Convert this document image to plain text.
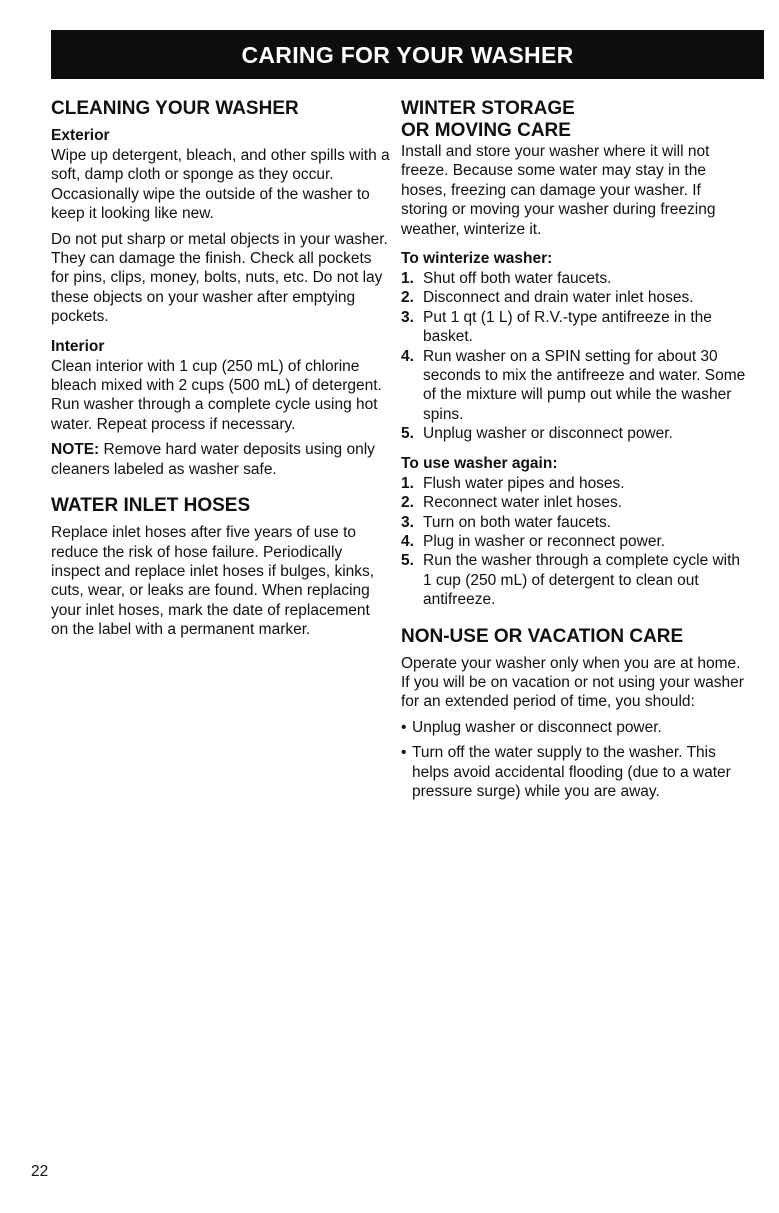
CARING FOR YOUR WASHER
CLEANING YOUR WASHER
Exterior

Wipe up detergent, bleach, and other spills with a soft, damp cloth or sponge as they occur. Occasionally wipe the outside of the washer to keep it looking like new.

Do not put sharp or metal objects in your washer. They can damage the finish. Check all pockets for pins, clips, money, bolts, nuts, etc. Do not lay these objects on your washer after emptying pockets.

Interior

Clean interior with 1 cup (250 mL) of chlorine bleach mixed with 2 cups (500 mL) of detergent. Run washer through a complete cycle using hot water. Repeat process if necessary.

NOTE: Remove hard water deposits using only cleaners labeled as washer safe.

WATER INLET HOSES

Replace inlet hoses after five years of use to reduce the risk of hose failure. Periodically inspect and replace inlet hoses if bulges, kinks, cuts, wear, or leaks are found. When replacing your inlet hoses, mark the date of replacement on the label with a permanent marker.

WINTER STORAGE
OR MOVING CARE

Install and store your washer where it will not freeze. Because some water may stay in the hoses, freezing can damage your washer. If storing or moving your washer during freezing weather, winterize it.

To winterize washer:
1. Shut off both water faucets.
2. Disconnect and drain water inlet hoses.
3. Put 1 qt (1 L) of R.V.-type antifreeze in the basket.
4. Run washer on a SPIN setting for about 30 seconds to mix the antifreeze and water. Some of the mixture will pump out while the washer spins.
5. Unplug washer or disconnect power.
To use washer again:
1. Flush water pipes and hoses.
2. Reconnect water inlet hoses.
3. Turn on both water faucets.
4. Plug in washer or reconnect power.
5. Run the washer through a complete cycle with 1 cup (250 mL) of detergent to clean out antifreeze.
NON-USE OR VACATION CARE

Operate your washer only when you are at home. If you will be on vacation or not using your washer for an extended period of time, you should:

• Unplug washer or disconnect power.
• Turn off the water supply to the washer. This helps avoid accidental flooding (due to a water pressure surge) while you are away.
22
